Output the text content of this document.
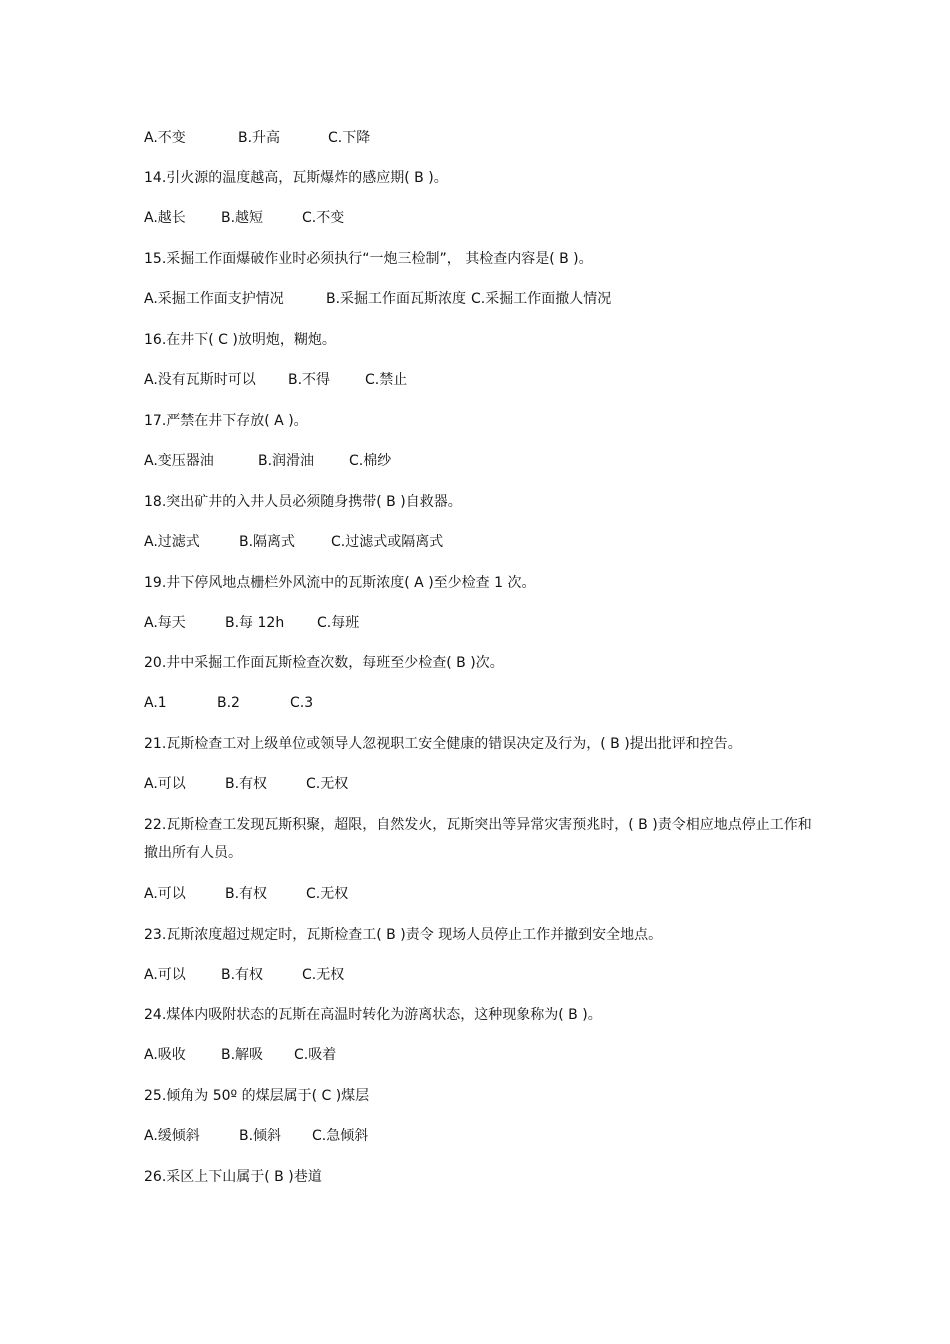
A.不变	B.升高	C.下降
14.引火源的温度越高，瓦斯爆炸的感应期( B )。
A.越长	B.越短	C.不变
15.采掘工作面爆破作业时必须执行“一炮三检制”， 其检查内容是( B )。
A.采掘工作面支护情况	B.采掘工作面瓦斯浓度 C.采掘工作面撤人情况
16.在井下( C )放明炮，糊炮。
A.没有瓦斯时可以 B.不得 C.禁止
17.严禁在井下存放( A )。
A.变压器油	B.润滑油 C.棉纱
18.突出矿井的入井人员必须随身携带( B )自救器。
A.过滤式	B.隔离式	C.过滤式或隔离式
19.井下停风地点栅栏外风流中的瓦斯浓度( A )至少检查 1 次。
A.每天	B.每 12h C.每班
20.井中采掘工作面瓦斯检查次数，每班至少检查( B )次。
A.1	B.2	C.3
21.瓦斯检查工对上级单位或领导人忽视职工安全健康的错误决定及行为，( B )提出批评和控告。
A.可以	B.有权	C.无权
22.瓦斯检查工发现瓦斯积聚，超限，自然发火，瓦斯突出等异常灾害预兆时，( B )责令相应地点停止工作和撤出所有人员。
A.可以	B.有权	C.无权
23.瓦斯浓度超过规定时，瓦斯检查工( B )责令 现场人员停止工作并撤到安全地点。
A.可以	B.有权	C.无权
24.煤体内吸附状态的瓦斯在高温时转化为游离状态，这种现象称为( B )。
A.吸收	B.解吸 C.吸着
25.倾角为 50º 的煤层属于( C )煤层
A.缓倾斜	B.倾斜 C.急倾斜
26.采区上下山属于( B )巷道
